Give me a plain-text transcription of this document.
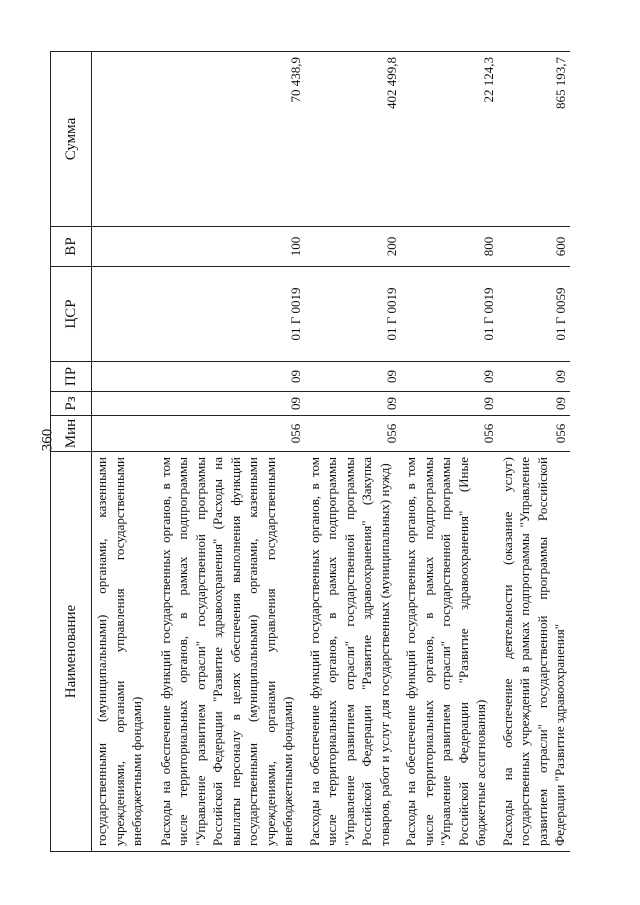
360
Наименование	Мин	Рз	ПР	ЦСР	ВР	Сумма
государственными (муниципальными) органами, казенными учреждениями, органами управления государственными внебюджетными фондами)						
Расходы на обеспечение функций государственных органов, в том числе территориальных органов, в рамках подпрограммы "Управление развитием отрасли" государственной программы Российской Федерации "Развитие здравоохранения" (Расходы на выплаты персоналу в целях обеспечения выполнения функций государственными (муниципальными) органами, казенными учреждениями, органами управления государственными внебюджетными фондами)	056	09	09	01 Г 0019	100	70 438,9
Расходы на обеспечение функций государственных органов, в том числе территориальных органов, в рамках подпрограммы "Управление развитием отрасли" государственной программы Российской Федерации "Развитие здравоохранения" (Закупка товаров, работ и услуг для государственных (муниципальных) нужд)	056	09	09	01 Г 0019	200	402 499,8
Расходы на обеспечение функций государственных органов, в том числе территориальных органов, в рамках подпрограммы "Управление развитием отрасли" государственной программы Российской Федерации "Развитие здравоохранения" (Иные бюджетные ассигнования)	056	09	09	01 Г 0019	800	22 124,3
Расходы на обеспечение деятельности (оказание услуг) государственных учреждений в рамках подпрограммы "Управление развитием отрасли" государственной программы Российской Федерации "Развитие здравоохранения"	056	09	09	01 Г 0059	600	865 193,7
